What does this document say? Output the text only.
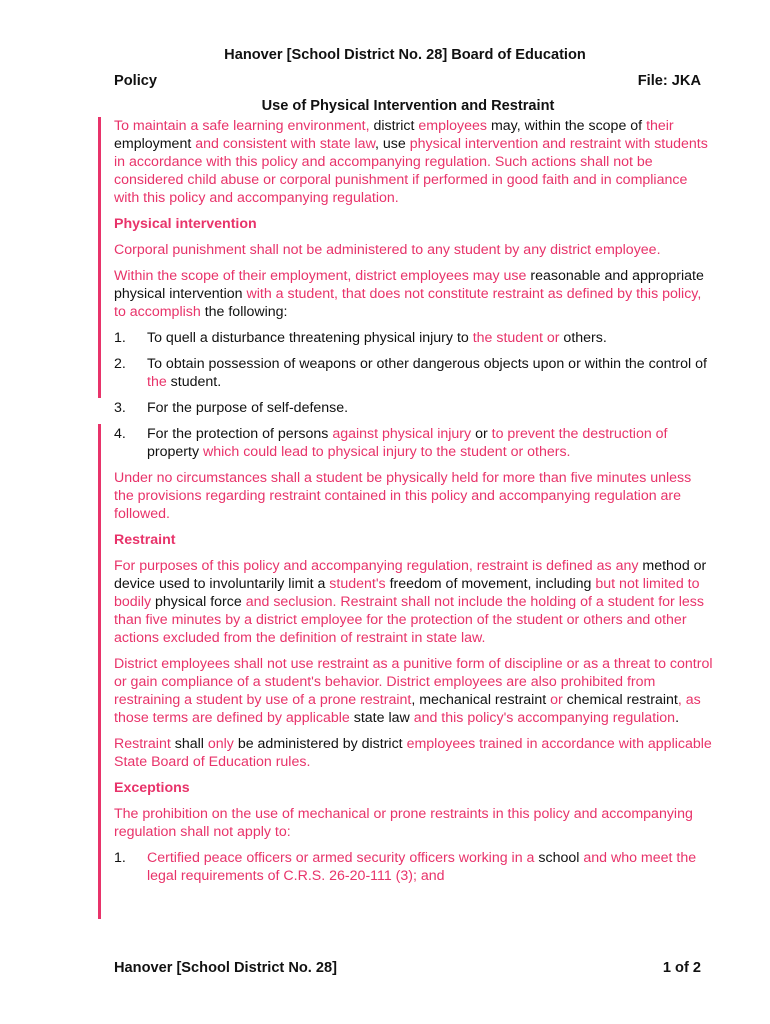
Hanover [School District No. 28] Board of Education
Policy	File: JKA
Use of Physical Intervention and Restraint

To maintain a safe learning environment, district employees may, within the scope of their employment and consistent with state law, use physical intervention and restraint with students in accordance with this policy and accompanying regulation. Such actions shall not be considered child abuse or corporal punishment if performed in good faith and in compliance with this policy and accompanying regulation.

Physical intervention

Corporal punishment shall not be administered to any student by any district employee.

Within the scope of their employment, district employees may use reasonable and appropriate physical intervention with a student, that does not constitute restraint as defined by this policy, to accomplish the following:

1.	To quell a disturbance threatening physical injury to the student or others.
2.	To obtain possession of weapons or other dangerous objects upon or within the control of the student.
3.	For the purpose of self-defense.
4.	For the protection of persons against physical injury or to prevent the destruction of property which could lead to physical injury to the student or others.

Under no circumstances shall a student be physically held for more than five minutes unless the provisions regarding restraint contained in this policy and accompanying regulation are followed.

Restraint

For purposes of this policy and accompanying regulation, restraint is defined as any method or device used to involuntarily limit a student's freedom of movement, including but not limited to bodily physical force and seclusion. Restraint shall not include the holding of a student for less than five minutes by a district employee for the protection of the student or others and other actions excluded from the definition of restraint in state law.

District employees shall not use restraint as a punitive form of discipline or as a threat to control or gain compliance of a student's behavior. District employees are also prohibited from restraining a student by use of a prone restraint, mechanical restraint or chemical restraint, as those terms are defined by applicable state law and this policy's accompanying regulation.

Restraint shall only be administered by district employees trained in accordance with applicable State Board of Education rules.

Exceptions

The prohibition on the use of mechanical or prone restraints in this policy and accompanying regulation shall not apply to:

1.	Certified peace officers or armed security officers working in a school and who meet the legal requirements of C.R.S. 26-20-111 (3); and
Hanover [School District No. 28]	1 of 2
